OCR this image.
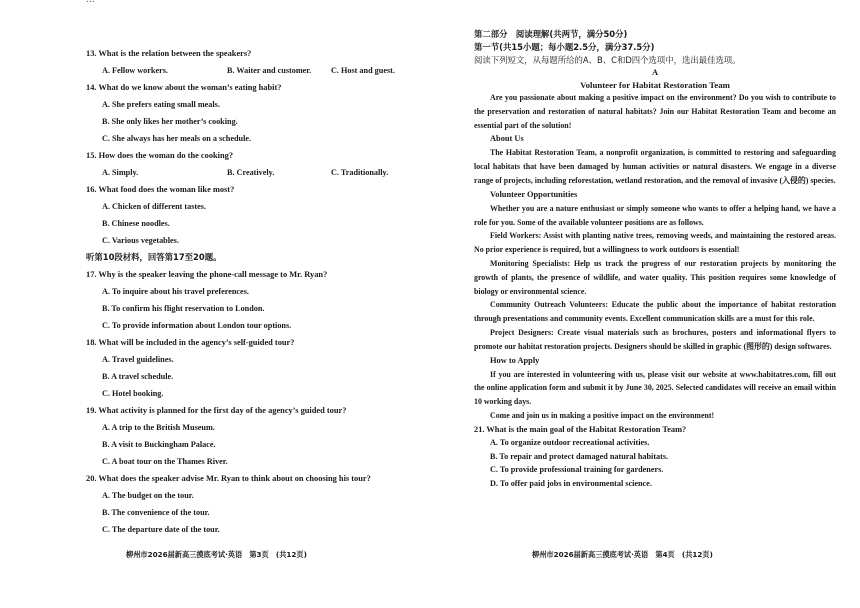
13. What is the relation between the speakers?
A. Fellow workers.	B. Waiter and customer.	C. Host and guest.
14. What do we know about the woman’s eating habit?
A. She prefers eating small meals.
B. She only likes her mother’s cooking.
C. She always has her meals on a schedule.
15. How does the woman do the cooking?
A. Simply.	B. Creatively.	C. Traditionally.
16. What food does the woman like most?
A. Chicken of different tastes.
B. Chinese noodles.
C. Various vegetables.
听第10段材料，回答第17至20题。
17. Why is the speaker leaving the phone-call message to Mr. Ryan?
A. To inquire about his travel preferences.
B. To confirm his flight reservation to London.
C. To provide information about London tour options.
18. What will be included in the agency’s self-guided tour?
A. Travel guidelines.
B. A travel schedule.
C. Hotel booking.
19. What activity is planned for the first day of the agency’s guided tour?
A. A trip to the British Museum.
B. A visit to Buckingham Palace.
C. A boat tour on the Thames River.
20. What does the speaker advise Mr. Ryan to think about on choosing his tour?
A. The budget on the tour.
B. The convenience of the tour.
C. The departure date of the tour.
柳州市2026届新高三摸底考试·英语　第3页　(共12页)
第二部分　阅读理解(共两节，满分50分)
第一节(共15小题；每小题2.5分，满分37.5分)
阅读下列短文，从每题所给的A、B、C和D四个选项中，选出最佳选项。
A
Volunteer for Habitat Restoration Team

Are you passionate about making a positive impact on the environment? Do you wish to contribute to the preservation and restoration of natural habitats? Join our Habitat Restoration Team and become an essential part of the solution!

About Us

The Habitat Restoration Team, a nonprofit organization, is committed to restoring and safeguarding local habitats that have been damaged by human activities or natural disasters. We engage in a diverse range of projects, including reforestation, wetland restoration, and the removal of invasive (入侵的) species.

Volunteer Opportunities

Whether you are a nature enthusiast or simply someone who wants to offer a helping hand, we have a role for you. Some of the available volunteer positions are as follows.

Field Workers: Assist with planting native trees, removing weeds, and maintaining the restored areas. No prior experience is required, but a willingness to work outdoors is essential!

Monitoring Specialists: Help us track the progress of our restoration projects by monitoring the growth of plants, the presence of wildlife, and water quality. This position requires some knowledge of biology or environmental science.

Community Outreach Volunteers: Educate the public about the importance of habitat restoration through presentations and community events. Excellent communication skills are a must for this role.

Project Designers: Create visual materials such as brochures, posters and informational flyers to promote our habitat restoration projects. Designers should be skilled in graphic (图形的) design softwares.

How to Apply

If you are interested in volunteering with us, please visit our website at www.habitatres.com, fill out the online application form and submit it by June 30, 2025. Selected candidates will receive an email within 10 working days.

Come and join us in making a positive impact on the environment!

21. What is the main goal of the Habitat Restoration Team?
A. To organize outdoor recreational activities.
B. To repair and protect damaged natural habitats.
C. To provide professional training for gardeners.
D. To offer paid jobs in environmental science.
柳州市2026届新高三摸底考试·英语　第4页　(共12页)
